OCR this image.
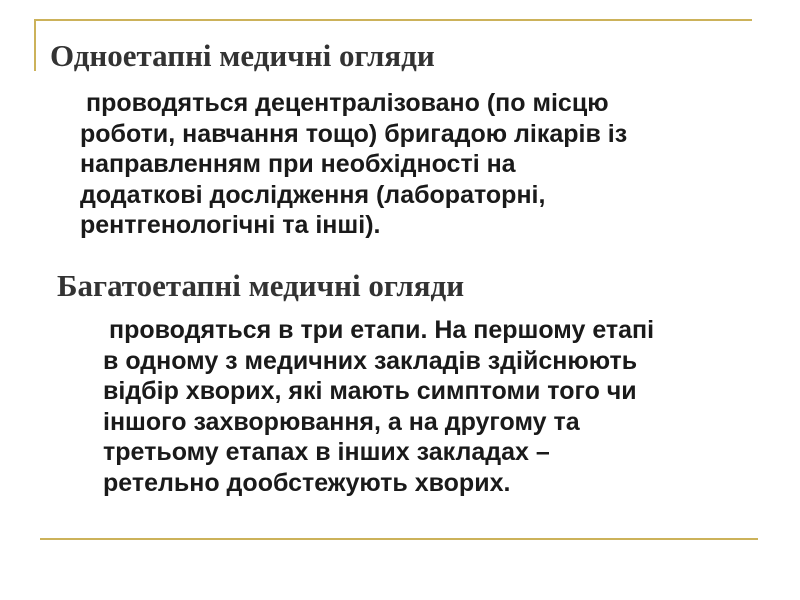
Одноетапні медичні огляди

проводяться децентралізовано (по місцю
роботи, навчання тощо) бригадою лікарів із
направленням при необхідності на
додаткові дослідження (лабораторні,
рентгенологічні та інші).

Багатоетапні медичні огляди

проводяться в три етапи. На першому етапі
в одному з медичних закладів здійснюють
відбір хворих, які мають симптоми того чи
іншого захворювання, а на другому та
третьому етапах в інших закладах –
ретельно дообстежують хворих.
